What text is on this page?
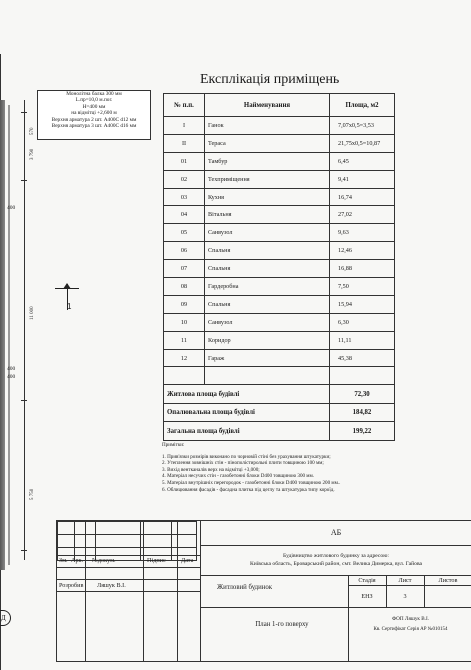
570
3 790
11 000
5 750
400
400
400
1
Д
Монолітна балка 300 мм
L.пр=10,0 м.пог.
Н=400 мм
на відмітці +2,600 м
Верхня арматура 2 шт. А400С d12 мм
Верхня арматура 3 шт. А400С d16 мм
Експлікація приміщень
№ п.п.	Найменування	Площа, м2
I	Ганок	7,07х0,5=3,53
II	Тераса	21,75х0,5=10,87
01	Тамбур	6,45
02	Техприміщення	9,41
03	Кухня	16,74
04	Вітальня	27,02
05	Санвузол	9,63
06	Спальня	12,46
07	Спальня	16,88
08	Гардеробна	7,50
09	Спальня	15,94
10	Санвузол	6,30
11	Коридор	11,11
12	Гараж	45,38

Житлова площа будівлі		72,30
Опалювальна площа будівлі		184,82
Загальна площа будівлі		199,22
Примітки:
1. Прив'язки розмірів виконано по чорновій стіні без урахування штукатурки;
2. Утеплення зовнішніх стін - пінополістирольні плити товщиною 100 мм;
3. Вихід вентканалів верх на відмітці +3,000;
4. Матеріал несучих стін - газобетонні блоки D400 товщиною 300 мм.
5. Матеріал внутрішніх перегородок - газобетонні блоки D400 товщиною 200 мм..
6. Облицювання фасадів - фасадна плитка під цеглу та штукатурка типу короїд.

Зм. Арк. №докум.	Підпис Дата
Розробив Ляшук В.І.
АБ
Будівництво житлового будинку за адресою:
Київська область, Броварський район, смт. Велика Димерка, вул. Гайова
Житловий будинок
Стадія	Лист	Листов
ЕНЗ	3
План 1-го поверху
ФОП Ляшук В.І.
Кв. Сертифікат Серія АР №010154
